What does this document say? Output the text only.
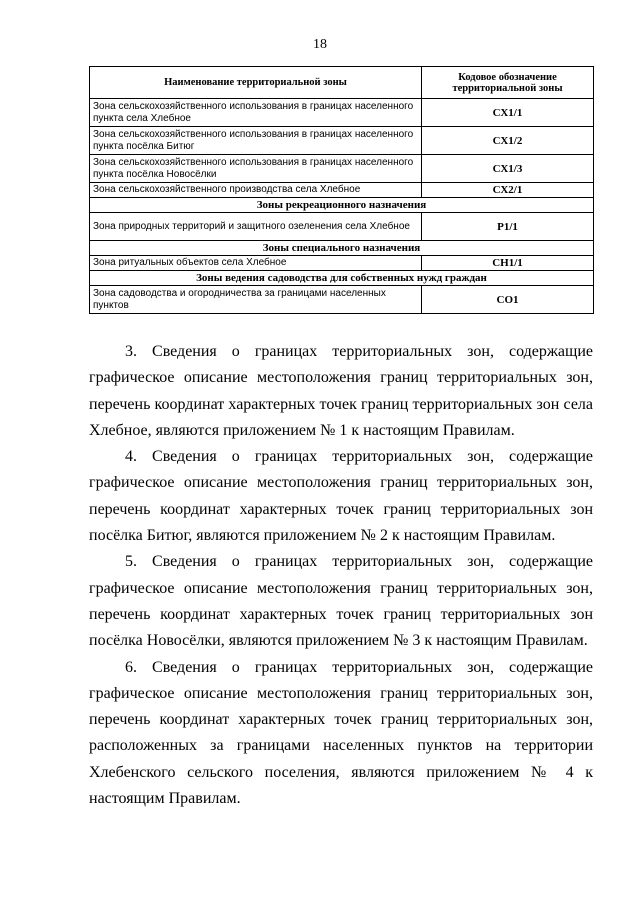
18
Наименование территориальной зоны	Кодовое обозначение территориальной зоны
Зона сельскохозяйственного использования в границах населенного пункта села Хлебное	СХ1/1
Зона сельскохозяйственного использования в границах населенного пункта посёлка Битюг	СХ1/2
Зона сельскохозяйственного использования в границах населенного пункта посёлка Новосёлки	СХ1/3
Зона сельскохозяйственного производства села Хлебное	СХ2/1
Зоны рекреационного назначения	
Зона природных территорий и защитного озеленения села Хлебное	Р1/1
Зоны специального назначения	
Зона ритуальных объектов села Хлебное	СН1/1
Зоны ведения садоводства для собственных нужд граждан	
Зона садоводства и огородничества за границами населенных пунктов	СО1

3. Сведения о границах территориальных зон, содержащие графическое описание местоположения границ территориальных зон, перечень координат характерных точек границ территориальных зон села Хлебное, являются приложением № 1 к настоящим Правилам.

4. Сведения о границах территориальных зон, содержащие графическое описание местоположения границ территориальных зон, перечень координат характерных точек границ территориальных зон посёлка Битюг, являются приложением № 2 к настоящим Правилам.

5. Сведения о границах территориальных зон, содержащие графическое описание местоположения границ территориальных зон, перечень координат характерных точек границ территориальных зон посёлка Новосёлки, являются приложением № 3 к настоящим Правилам.

6. Сведения о границах территориальных зон, содержащие графическое описание местоположения границ территориальных зон, перечень координат характерных точек границ территориальных зон, расположенных за границами населенных пунктов на территории Хлебенского сельского поселения, являются приложением № 4 к настоящим Правилам.
